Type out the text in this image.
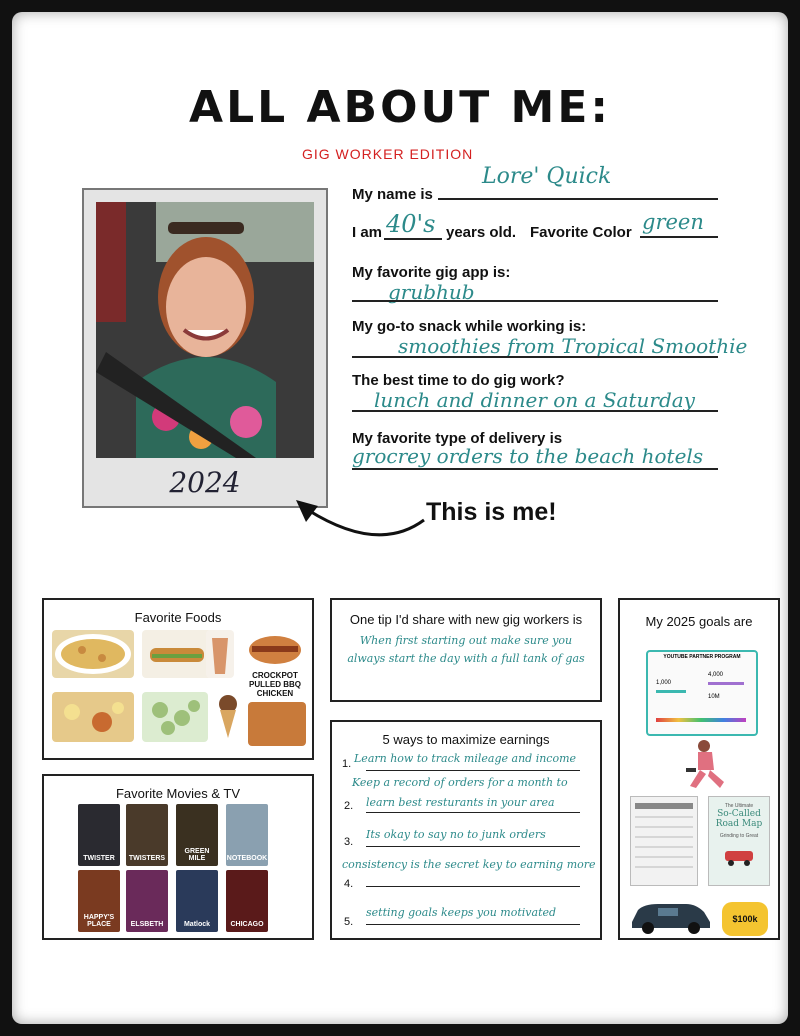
ALL ABOUT ME:
GIG WORKER EDITION
2024
This is me!
My name is
Lore' Quick
I am 40's years old. Favorite Color green
My favorite gig app is:
grubhub
My go-to snack while working is:
smoothies from Tropical Smoothie
The best time to do gig work?
lunch and dinner on a Saturday
My favorite type of delivery is
grocrey orders to the beach hotels
Favorite Foods
CROCKPOT PULLED BBQ CHICKEN
Favorite Movies & TV
TWISTER	TWISTERS
GREEN MILE	NOTEBOOK
HAPPY'S PLACE	ELSBETH	Matlock	CHICAGO
One tip I'd share with new gig workers is
When first starting out make sure you
always start the day with a full tank of gas
5 ways to maximize earnings
1. Learn how to track mileage and income
Keep a record of orders for a month to
2. learn best resturants in your area
3.
Its okay to say no to junk orders
consistency is the secret key to earning more
4.
5.
setting goals keeps you motivated
My 2025 goals are
YOUTUBE PARTNER PROGRAM
1,000
4,000
10M
The Ultimate
So-Called Road Map
Grinding to Great
$100k
